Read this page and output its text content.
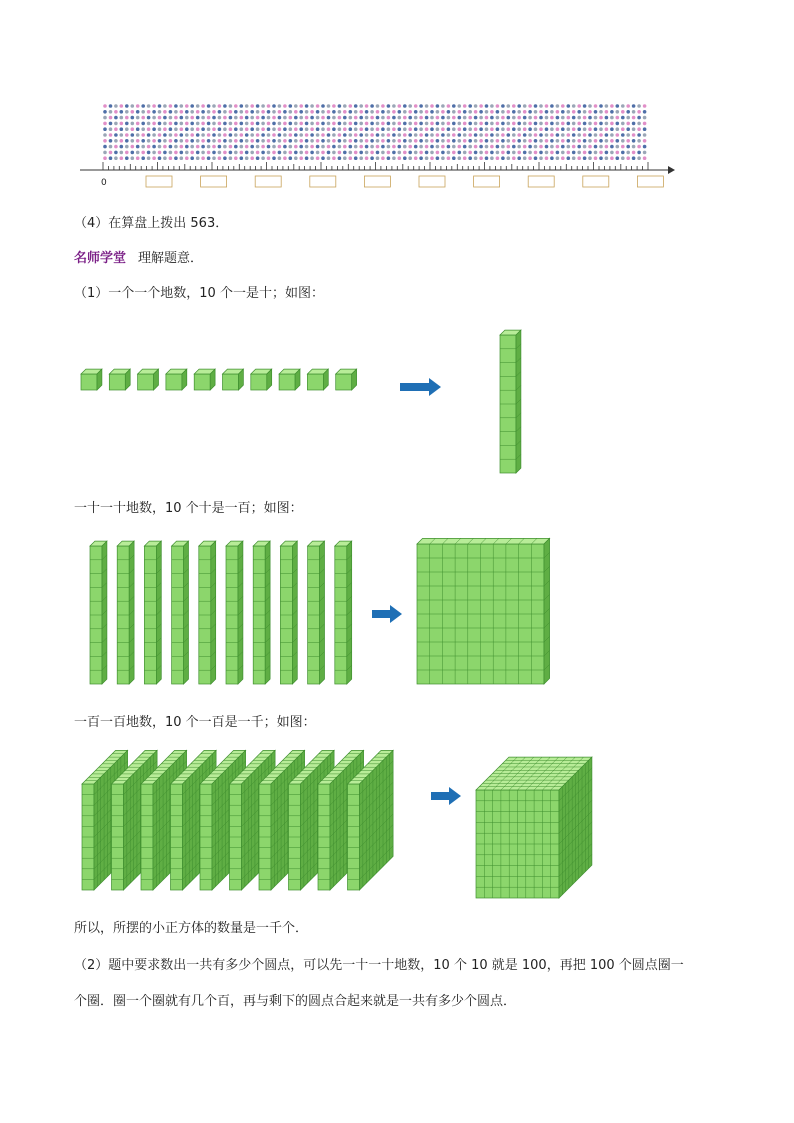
0
（4）在算盘上拨出 563．
名师学堂 理解题意．
（1）一个一个地数，10 个一是十；如图：
一十一十地数，10 个十是一百；如图：
一百一百地数，10 个一百是一千；如图：
所以，所摆的小正方体的数量是一千个．
（2）题中要求数出一共有多少个圆点，可以先一十一十地数，10 个 10 就是 100，再把 100 个圆点圈一
个圈．圈一个圈就有几个百，再与剩下的圆点合起来就是一共有多少个圆点．
